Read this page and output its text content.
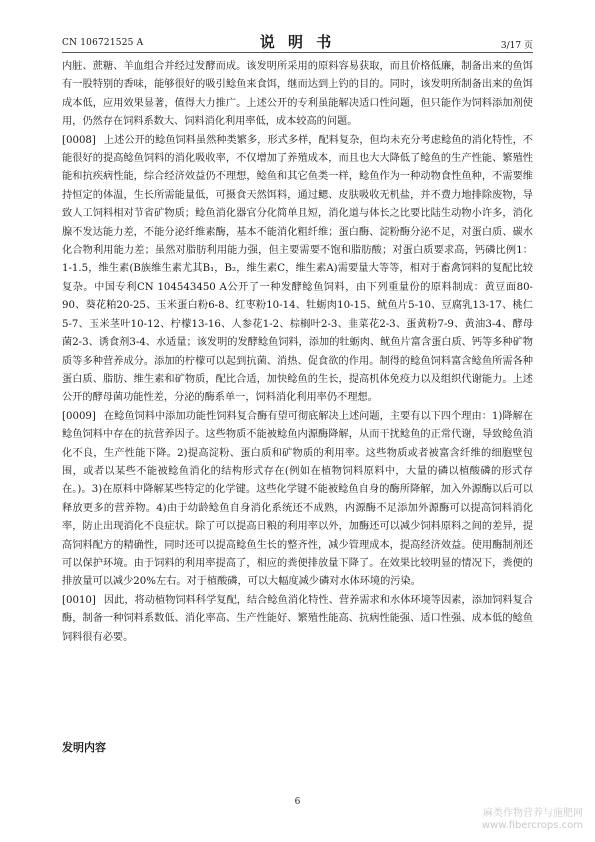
CN 106721525 A	说 明 书	3/17 页

内脏、蔗糖、羊血组合并经过发酵而成。该发明所采用的原料容易获取，而且价格低廉，制备出来的鱼饵有一股特别的香味，能够很好的吸引鲶鱼来食饵，继而达到上钓的目的。同时，该发明所制备出来的鱼饵成本低，应用效果显著，值得大力推广。上述公开的专利虽能解决适口性问题，但只能作为饲料添加剂使用，仍然存在饲料系数大、饲料消化利用率低，成本较高的问题。

[0008] 上述公开的鲶鱼饲料虽然种类繁多，形式多样，配料复杂，但均未充分考虑鲶鱼的消化特性，不能很好的提高鲶鱼饲料的消化吸收率，不仅增加了养殖成本，而且也大大降低了鲶鱼的生产性能、繁殖性能和抗疾病性能，综合经济效益仍不理想，鲶鱼和其它鱼类一样，鲶鱼作为一种动物食性鱼种，不需要维持恒定的体温，生长所需能量低，可摄食天然饵料，通过鳃、皮肤吸收无机盐，并不费力地排除废物，导致人工饲料相对节省矿物质；鲶鱼消化器官分化简单且短，消化道与体长之比要比陆生动物小许多，消化腺不发达能力差，不能分泌纤维素酶，基本不能消化粗纤维；蛋白酶、淀粉酶分泌不足，对蛋白质、碳水化合物利用能力差；虽然对脂肪利用能力强，但主要需要不饱和脂肪酸；对蛋白质要求高，钙磷比例1：1-1.5，维生素(B族维生素尤其B₁，B₂，维生素C，维生素A)需要量大等等，相对于畜禽饲料的复配比较复杂。中国专利CN 104543450 A公开了一种发酵鲶鱼饲料，由下列重量份的原料制成：黄豆面80-90、葵花粕20-25、玉米蛋白粉6-8、红枣粉10-14、牡蛎肉10-15、鱿鱼片5-10、豆腐乳13-17、桃仁5-7、玉米茎叶10-12、柠檬13-16、人参花1-2、棕榈叶2-3、韭菜花2-3、蛋黄粉7-9、黄油3-4、酵母菌2-3、诱食剂3-4、水适量；该发明的发酵鲶鱼饲料，添加的牡蛎肉、鱿鱼片富含蛋白质、钙等多种矿物质等多种营养成分。添加的柠檬可以起到抗菌、消热、促食欲的作用。制得的鲶鱼饲料富含鲶鱼所需各种蛋白质、脂肪、维生素和矿物质，配比合适，加快鲶鱼的生长，提高机体免疫力以及组织代谢能力。上述公开的酵母菌功能性差，分泌的酶系单一，饲料消化利用率仍不理想。

[0009] 在鲶鱼饲料中添加功能性饲料复合酶有望可彻底解决上述问题，主要有以下四个理由：1)降解在鲶鱼饲料中存在的抗营养因子。这些物质不能被鲶鱼内源酶降解，从而干扰鲶鱼的正常代谢，导致鲶鱼消化不良，生产性能下降。2)提高淀粉、蛋白质和矿物质的利用率。这些物质或者被富含纤维的细胞壁包围，或者以某些不能被鲶鱼消化的结构形式存在(例如在植物饲料原料中，大量的磷以植酸磷的形式存在。)。3)在原料中降解某些特定的化学键。这些化学键不能被鲶鱼自身的酶所降解，加入外源酶以后可以释放更多的营养物。4)由于幼龄鲶鱼自身消化系统还不成熟，内源酶不足添加外源酶可以提高饲料消化率，防止出现消化不良症状。除了可以提高日粮的利用率以外，加酶还可以减少饲料原料之间的差异，提高饲料配方的精确性，同时还可以提高鲶鱼生长的整齐性，减少管理成本，提高经济效益。使用酶制剂还可以保护环境。由于饲料的利用率提高了，相应的粪便排放量下降了。在效果比较明显的情况下，粪便的排放量可以减少20%左右。对于植酸磷，可以大幅度减少磷对水体环境的污染。

[0010] 因此，将动植物饲料科学复配，结合鲶鱼消化特性、营养需求和水体环境等因素，添加饲料复合酶，制备一种饲料系数低、消化率高、生产性能好、繁殖性能高、抗病性能强、适口性强、成本低的鲶鱼饲料很有必要。

发明内容
6
麻类作物营养与施肥网
www.fibercrops.com
